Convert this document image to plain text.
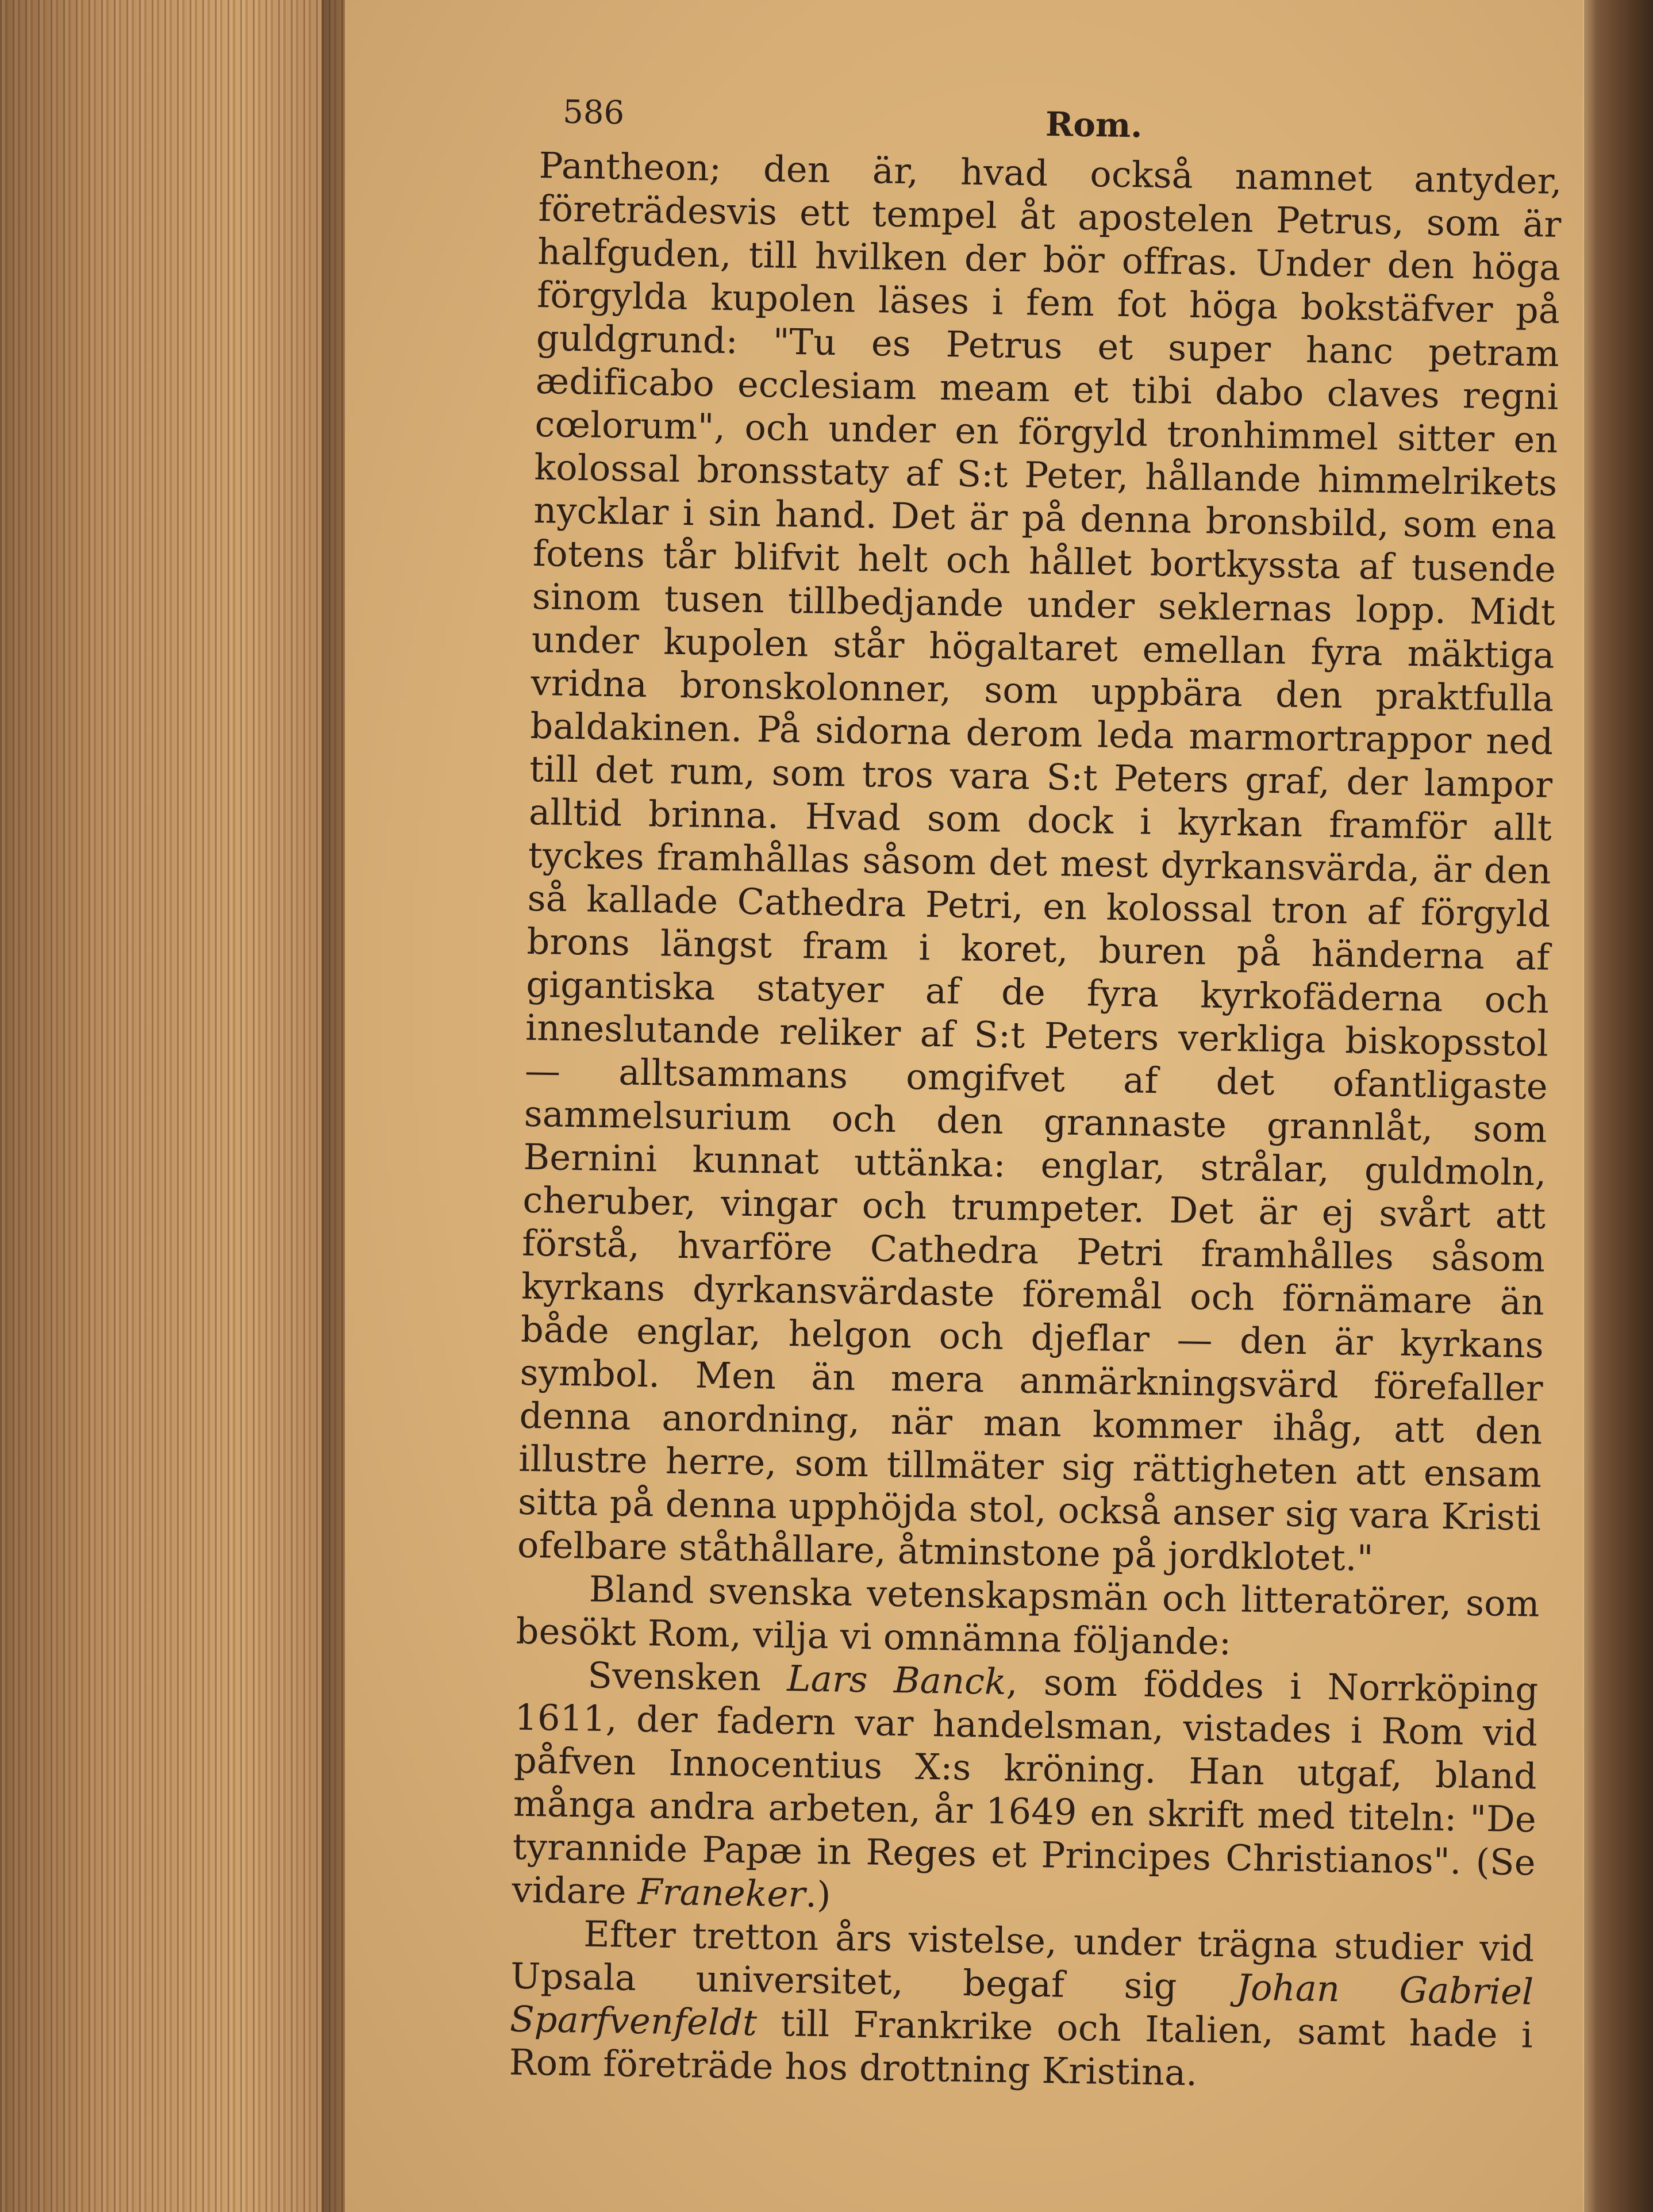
586	Rom.

Pantheon; den är, hvad också namnet antyder, företrädesvis ett tempel åt apostelen Petrus, som är halfguden, till hvilken der bör offras. Under den höga förgylda kupolen läses i fem fot höga bokstäfver på guldgrund: "Tu es Petrus et super hanc petram ædificabo ecclesiam meam et tibi dabo claves regni cœlorum", och under en förgyld tronhimmel sitter en kolossal bronsstaty af S:t Peter, hållande himmelrikets nycklar i sin hand. Det är på denna bronsbild, som ena fotens tår blifvit helt och hållet bortkyssta af tusende sinom tusen tillbedjande under seklernas lopp. Midt under kupolen står högaltaret emellan fyra mäktiga vridna bronskolonner, som uppbära den praktfulla baldakinen. På sidorna derom leda marmortrappor ned till det rum, som tros vara S:t Peters graf, der lampor alltid brinna. Hvad som dock i kyrkan framför allt tyckes framhållas såsom det mest dyrkansvärda, är den så kallade Cathedra Petri, en kolossal tron af förgyld brons längst fram i koret, buren på händerna af gigantiska statyer af de fyra kyrkofäderna och inneslutande reliker af S:t Peters verkliga biskopsstol — alltsammans omgifvet af det ofantligaste sammelsurium och den grannaste grannlåt, som Bernini kunnat uttänka: englar, strålar, guldmoln, cheruber, vingar och trumpeter. Det är ej svårt att förstå, hvarföre Cathedra Petri framhålles såsom kyrkans dyrkansvärdaste föremål och förnämare än både englar, helgon och djeflar — den är kyrkans symbol. Men än mera anmärkningsvärd förefaller denna anordning, när man kommer ihåg, att den illustre herre, som tillmäter sig rättigheten att ensam sitta på denna upphöjda stol, också anser sig vara Kristi ofelbare ståthållare, åtminstone på jordklotet."

Bland svenska vetenskapsmän och litteratörer, som besökt Rom, vilja vi omnämna följande:

Svensken Lars Banck, som föddes i Norrköping 1611, der fadern var handelsman, vistades i Rom vid påfven Innocentius X:s kröning. Han utgaf, bland många andra arbeten, år 1649 en skrift med titeln: "De tyrannide Papæ in Reges et Principes Christianos". (Se vidare Franeker.)

Efter tretton års vistelse, under trägna studier vid Upsala universitet, begaf sig Johan Gabriel Sparfvenfeldt till Frankrike och Italien, samt hade i Rom företräde hos drottning Kristina.
